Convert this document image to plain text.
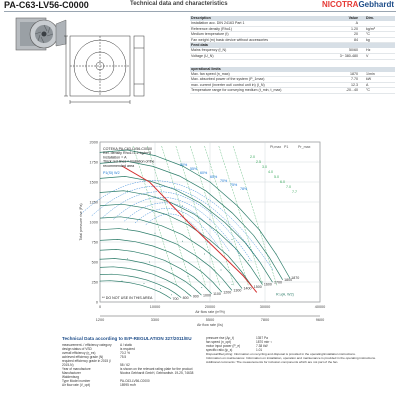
PA-C63-LV56-C0000	Technical data and characteristics	NICOTRAGebhardt
Description	Value Dim.
Installation acc. DIN 24163 Part 1	A
Reference density (Rho1)	1.20 kg/m³
Medium temperature (t)	20 °C
Fan weight (m) basic device without accessories	84 kg
Feed data
Mains frequency (f_N)	50/60 Hz
Voltage (U_N)	3~ 380-480 V
operational limits
Max. fan speed (n_max)	1870 1/min
Max. absorbed power of the system (P_1max)	7.70 kW
max. current (inverter out/ control unit in) (I_N)	12.3 A
Temperature range for conveying medium (t_min, t_max)	-20...40 °C
0
250
500
750
1000
1250
1500
1750
2000
0	10000	20000	30000	40000
1200	3300	5500	7800	9600
Air flow rate (m³/h)
Air flow rate (l/s)
Total pressure rise (Pa)
1870
1800
1700
1600
1500
1400
1300
1200
1100
1000
900
800
700
50%
55%
60%
65%
70%
75%
78%
2.0
2.5
3.0
4.0
5.0
6.0
7.0
7.7
COTEKA PA-C63-LV56-C0000
Ref. density Rho1=1.2 kg/m^3
Installation = A
Thick red lines = limitation of the
recommended area
P1(SI) W2
Pt,max P1	Pr_max
R:u(A, W2)
** DO NOT USE IN THIS AREA
Technical Data according to ErP-REGULATION 327/2011/EU
measurement- / efficiency category	A / static
design status of VSD	is required
overall efficiency (η_es)	70.2 %
achieved efficiency grade (N)	75.5
required efficiency grade in 2015 (/ 2015-N)	58 / 62
Year of manufacture	is shown on the relevant rating plate for the product
Manufacturer	Nicotra Gebhardt GmbH, Gebhardtstr. 19-25, 74638 Waldenburg
Type Model number	PA-C63-LV56-C0000
Air flow rate (V_opt)	18995 m³/h
pressure rise (Δp_t)	1357 Pa
fan speed (n_opt)	1870 min⁻¹
motor input power (P_e)	7.38 kW
specific ratio (ψ_s)	1.01
Disposal/Recycling: Information on recycling and disposal is provided in the operating/installation instructions.
Information on maintenance: Information on installation, operation and maintenance is provided in the operating instructions.
Additional comments: The measurements for inclusion components which are not part of the fan.
